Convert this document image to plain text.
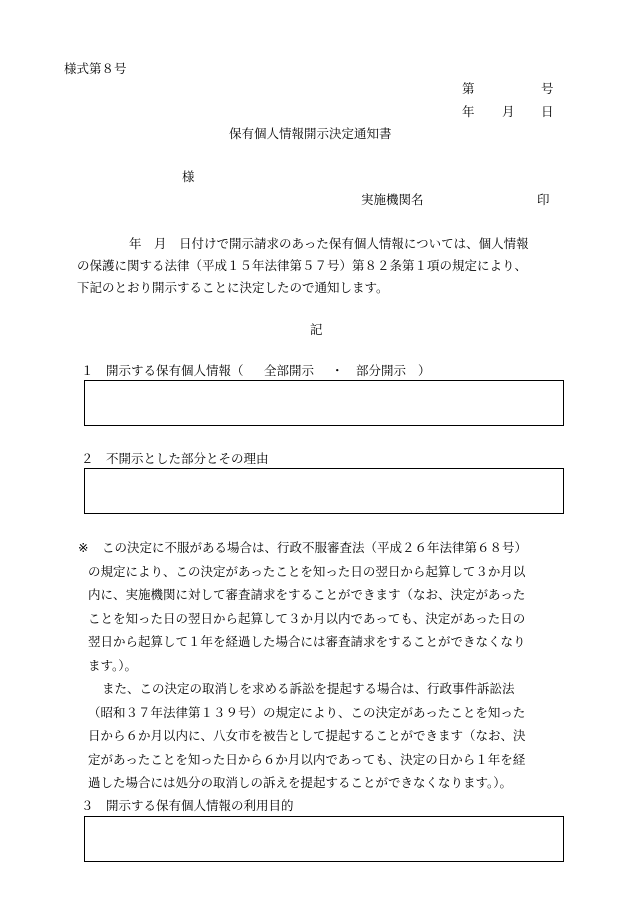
様式第８号
第	号
年 月 日
保有個人情報開示決定通知書
様
実施機関名	印
年　月　日付けで開示請求のあった保有個人情報については、個人情報
の保護に関する法律（平成１５年法律第５７号）第８２条第１項の規定により、
下記のとおり開示することに決定したので通知します。
記
１　開示する保有個人情報（ 全部開示 ・ 部分開示 ）
２　不開示とした部分とその理由
※	この決定に不服がある場合は、行政不服審査法（平成２６年法律第６８号）

の規定により、この決定があったことを知った日の翌日から起算して３か月以

内に、実施機関に対して審査請求をすることができます（なお、決定があった

ことを知った日の翌日から起算して３か月以内であっても、決定があった日の

翌日から起算して１年を経過した場合には審査請求をすることができなくなり

ます。）。

また、この決定の取消しを求める訴訟を提起する場合は、行政事件訴訟法

（昭和３７年法律第１３９号）の規定により、この決定があったことを知った

日から６か月以内に、八女市を被告として提起することができます（なお、決

定があったことを知った日から６か月以内であっても、決定の日から１年を経

過した場合には処分の取消しの訴えを提起することができなくなります。）。

３　開示する保有個人情報の利用目的
